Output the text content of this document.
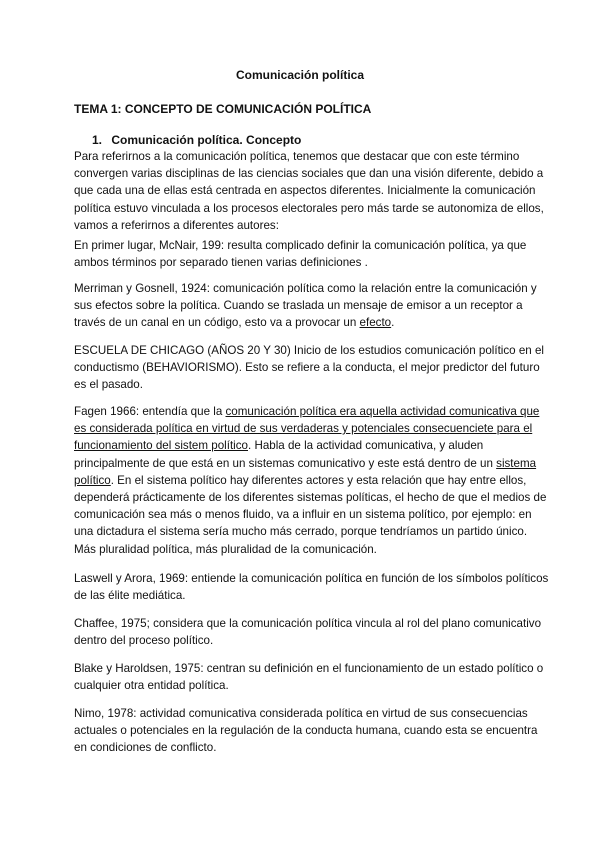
Comunicación política
TEMA 1: CONCEPTO DE COMUNICACIÓN POLÍTICA
1. Comunicación política. Concepto

Para referirnos a la comunicación política, tenemos que destacar que con este término

convergen varias disciplinas de las ciencias sociales que dan una visión diferente, debido a

que cada una de ellas está centrada en aspectos diferentes. Inicialmente la comunicación

política estuvo vinculada a los procesos electorales pero más tarde se autonomiza de ellos,

vamos a referirnos a diferentes autores:

En primer lugar, McNair, 199: resulta complicado definir la comunicación política, ya que

ambos términos por separado tienen varias definiciones .

Merriman y Gosnell, 1924: comunicación política como la relación entre la comunicación y

sus efectos sobre la política. Cuando se traslada un mensaje de emisor a un receptor a

través de un canal en un código, esto va a provocar un efecto.

ESCUELA DE CHICAGO (AÑOS 20 Y 30) Inicio de los estudios comunicación político en el

conductismo (BEHAVIORISMO). Esto se refiere a la conducta, el mejor predictor del futuro

es el pasado.

Fagen 1966: entendía que la comunicación política era aquella actividad comunicativa que

es considerada política en virtud de sus verdaderas y potenciales consecuenciete para el

funcionamiento del sistem político. Habla de la actividad comunicativa, y aluden

principalmente de que está en un sistemas comunicativo y este está dentro de un sistema

político. En el sistema político hay diferentes actores y esta relación que hay entre ellos,

dependerá prácticamente de los diferentes sistemas políticas, el hecho de que el medios de

comunicación sea más o menos fluido, va a influir en un sistema político, por ejemplo: en

una dictadura el sistema sería mucho más cerrado, porque tendríamos un partido único.

Más pluralidad política, más pluralidad de la comunicación.

Laswell y Arora, 1969: entiende la comunicación política en función de los símbolos políticos

de las élite mediática.

Chaffee, 1975; considera que la comunicación política vincula al rol del plano comunicativo

dentro del proceso político.

Blake y Haroldsen, 1975: centran su definición en el funcionamiento de un estado político o

cualquier otra entidad política.

Nimo, 1978: actividad comunicativa considerada política en virtud de sus consecuencias

actuales o potenciales en la regulación de la conducta humana, cuando esta se encuentra

en condiciones de conflicto.
